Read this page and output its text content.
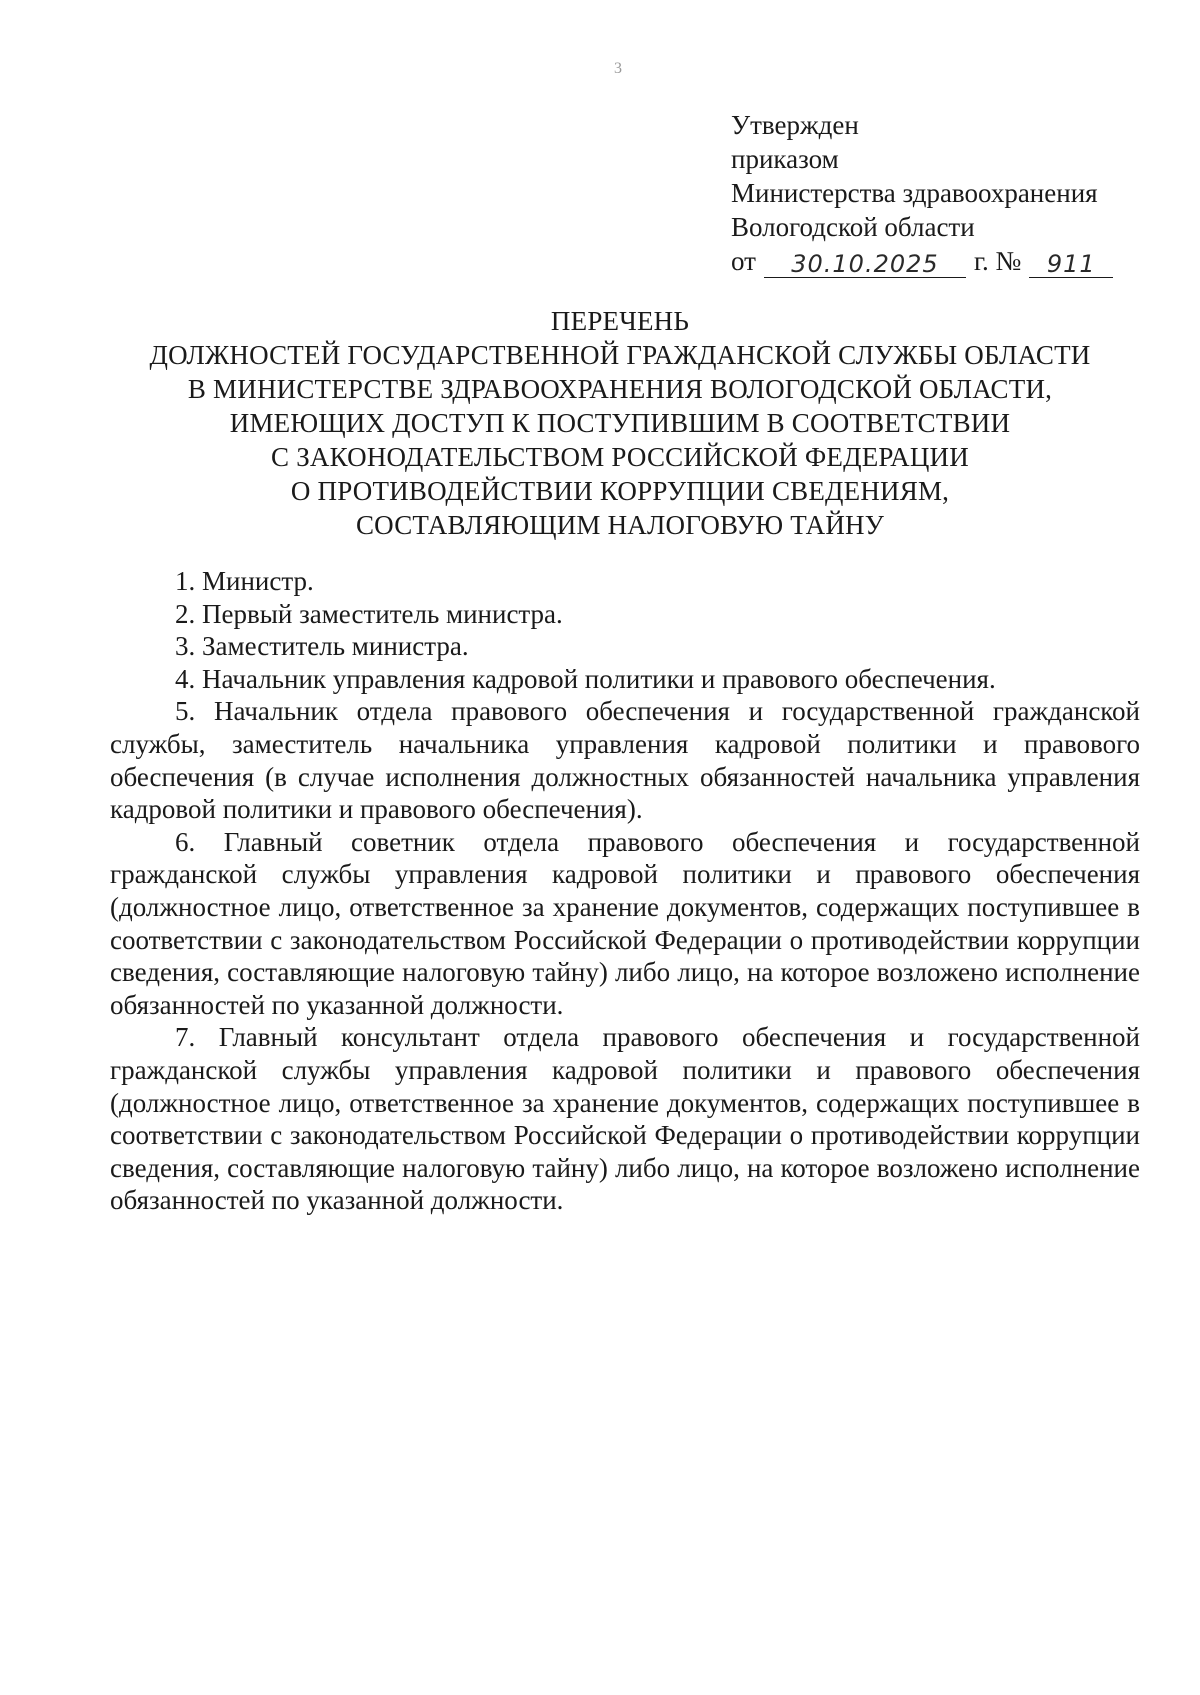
3
Утвержден
приказом
Министерства здравоохранения
Вологодской области
от	30.10.2025	г. №	911
ПЕРЕЧЕНЬ
ДОЛЖНОСТЕЙ ГОСУДАРСТВЕННОЙ ГРАЖДАНСКОЙ СЛУЖБЫ ОБЛАСТИ
В МИНИСТЕРСТВЕ ЗДРАВООХРАНЕНИЯ ВОЛОГОДСКОЙ ОБЛАСТИ,
ИМЕЮЩИХ ДОСТУП К ПОСТУПИВШИМ В СООТВЕТСТВИИ
С ЗАКОНОДАТЕЛЬСТВОМ РОССИЙСКОЙ ФЕДЕРАЦИИ
О ПРОТИВОДЕЙСТВИИ КОРРУПЦИИ СВЕДЕНИЯМ,
СОСТАВЛЯЮЩИМ НАЛОГОВУЮ ТАЙНУ

1. Министр.

2. Первый заместитель министра.

3. Заместитель министра.

4. Начальник управления кадровой политики и правового обеспечения.

5. Начальник отдела правового обеспечения и государственной гражданской службы, заместитель начальника управления кадровой политики и правового обеспечения (в случае исполнения должностных обязанностей начальника управления кадровой политики и правового обеспечения).

6. Главный советник отдела правового обеспечения и государственной гражданской службы управления кадровой политики и правового обеспечения (должностное лицо, ответственное за хранение документов, содержащих поступившее в соответствии с законодательством Российской Федерации о противодействии коррупции сведения, составляющие налоговую тайну) либо лицо, на которое возложено исполнение обязанностей по указанной должности.

7. Главный консультант отдела правового обеспечения и государственной гражданской службы управления кадровой политики и правового обеспечения (должностное лицо, ответственное за хранение документов, содержащих поступившее в соответствии с законодательством Российской Федерации о противодействии коррупции сведения, составляющие налоговую тайну) либо лицо, на которое возложено исполнение обязанностей по указанной должности.
